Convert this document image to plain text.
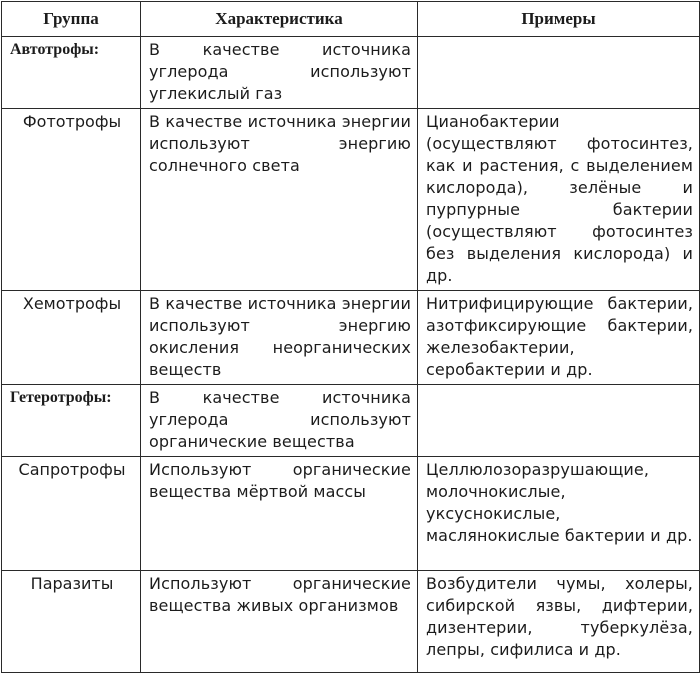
Группа	Характеристика	Примеры
Автотрофы:	В качестве источника углерода используют углекислый газ	
Фототрофы	В качестве источника энергии используют энергию солнечного света	Цианобактерии (осуществляют фотосинтез, как и растения, с выделением кислорода), зелёные и пурпурные бактерии (осуществляют фотосинтез без выделения кислорода) и др.
Хемотрофы	В качестве источника энергии используют энергию окисления неорганических веществ	Нитрифицирующие бактерии, азотфиксирующие бактерии, железобактерии, серобактерии и др.
Гетеротрофы:	В качестве источника углерода используют органические вещества	
Сапротрофы	Используют органические вещества мёртвой массы	Целлюлозоразрушающие, молочнокислые, уксуснокислые, маслянокислые бактерии и др.
Паразиты	Используют органические вещества живых организмов	Возбудители чумы, холеры, сибирской язвы, дифтерии, дизентерии, туберкулёза, лепры, сифилиса и др.
